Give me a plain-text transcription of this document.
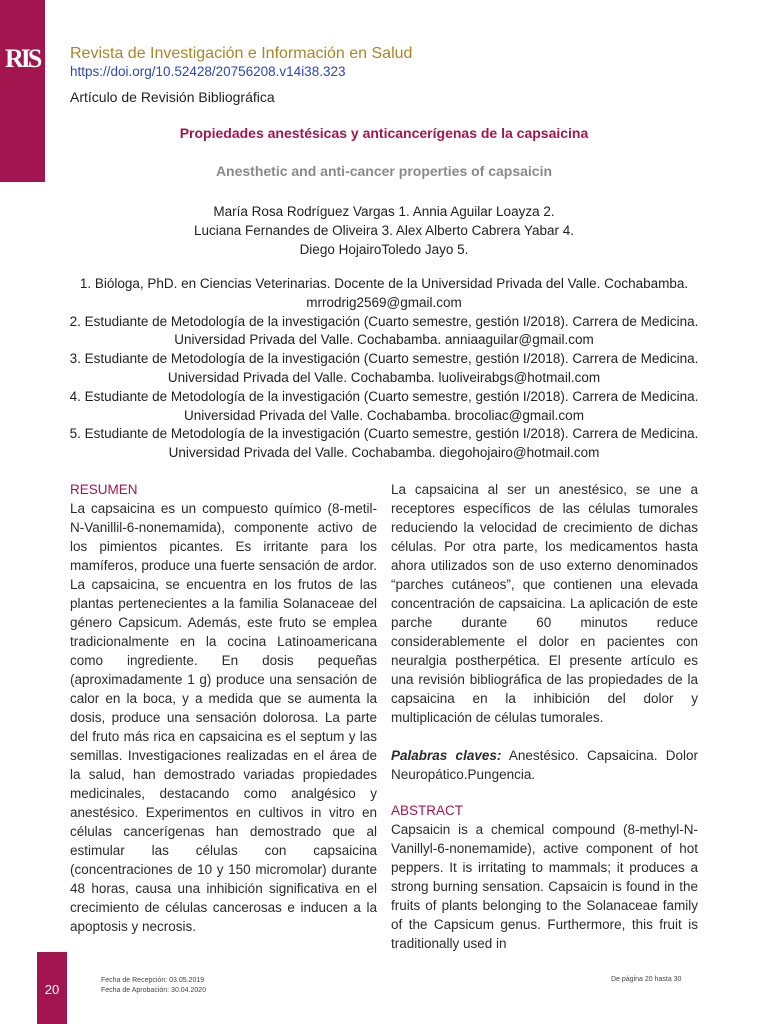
RIS Revista de Investigación e Información en Salud
https://doi.org/10.52428/20756208.v14i38.323
Artículo de Revisión Bibliográfica
Propiedades anestésicas y anticancerígenas de la capsaicina
Anesthetic and anti-cancer properties of capsaicin
María Rosa Rodríguez Vargas 1. Annia Aguilar Loayza 2.
Luciana Fernandes de Oliveira 3. Alex Alberto Cabrera Yabar 4.
Diego HojairoToledo Jayo 5.

1. Bióloga, PhD. en Ciencias Veterinarias. Docente de la Universidad Privada del Valle. Cochabamba. mrrodrig2569@gmail.com

2. Estudiante de Metodología de la investigación (Cuarto semestre, gestión I/2018). Carrera de Medicina. Universidad Privada del Valle. Cochabamba. anniaaguilar@gmail.com

3. Estudiante de Metodología de la investigación (Cuarto semestre, gestión I/2018). Carrera de Medicina. Universidad Privada del Valle. Cochabamba. luoliveirabgs@hotmail.com

4. Estudiante de Metodología de la investigación (Cuarto semestre, gestión I/2018). Carrera de Medicina. Universidad Privada del Valle. Cochabamba. brocoliac@gmail.com

5. Estudiante de Metodología de la investigación (Cuarto semestre, gestión I/2018). Carrera de Medicina. Universidad Privada del Valle. Cochabamba. diegohojairo@hotmail.com

RESUMEN

La capsaicina es un compuesto químico (8-metil-N-Vanillil-6-nonemamida), componente activo de los pimientos picantes. Es irritante para los mamíferos, produce una fuerte sensación de ardor. La capsaicina, se encuentra en los frutos de las plantas pertenecientes a la familia Solanaceae del género Capsicum. Además, este fruto se emplea tradicionalmente en la cocina Latinoamericana como ingrediente. En dosis pequeñas (aproximadamente 1 g) produce una sensación de calor en la boca, y a medida que se aumenta la dosis, produce una sensación dolorosa. La parte del fruto más rica en capsaicina es el septum y las semillas. Investigaciones realizadas en el área de la salud, han demostrado variadas propiedades medicinales, destacando como analgésico y anestésico. Experimentos en cultivos in vitro en células cancerígenas han demostrado que al estimular las células con capsaicina (concentraciones de 10 y 150 micromolar) durante 48 horas, causa una inhibición significativa en el crecimiento de células cancerosas e inducen a la apoptosis y necrosis.

La capsaicina al ser un anestésico, se une a receptores específicos de las células tumorales reduciendo la velocidad de crecimiento de dichas células. Por otra parte, los medicamentos hasta ahora utilizados son de uso externo denominados “parches cutáneos”, que contienen una elevada concentración de capsaicina. La aplicación de este parche durante 60 minutos reduce considerablemente el dolor en pacientes con neuralgia postherpética. El presente artículo es una revisión bibliográfica de las propiedades de la capsaicina en la inhibición del dolor y multiplicación de células tumorales.

Palabras claves: Anestésico. Capsaicina. Dolor Neuropático.Pungencia.

ABSTRACT

Capsaicin is a chemical compound (8-methyl-N-Vanillyl-6-nonemamide), active component of hot peppers. It is irritating to mammals; it produces a strong burning sensation. Capsaicin is found in the fruits of plants belonging to the Solanaceae family of the Capsicum genus. Furthermore, this fruit is traditionally used in

20
Fecha de Recepción: 03.05.2019
Fecha de Aprobación: 30.04.2020
De página 20 hasta 30
